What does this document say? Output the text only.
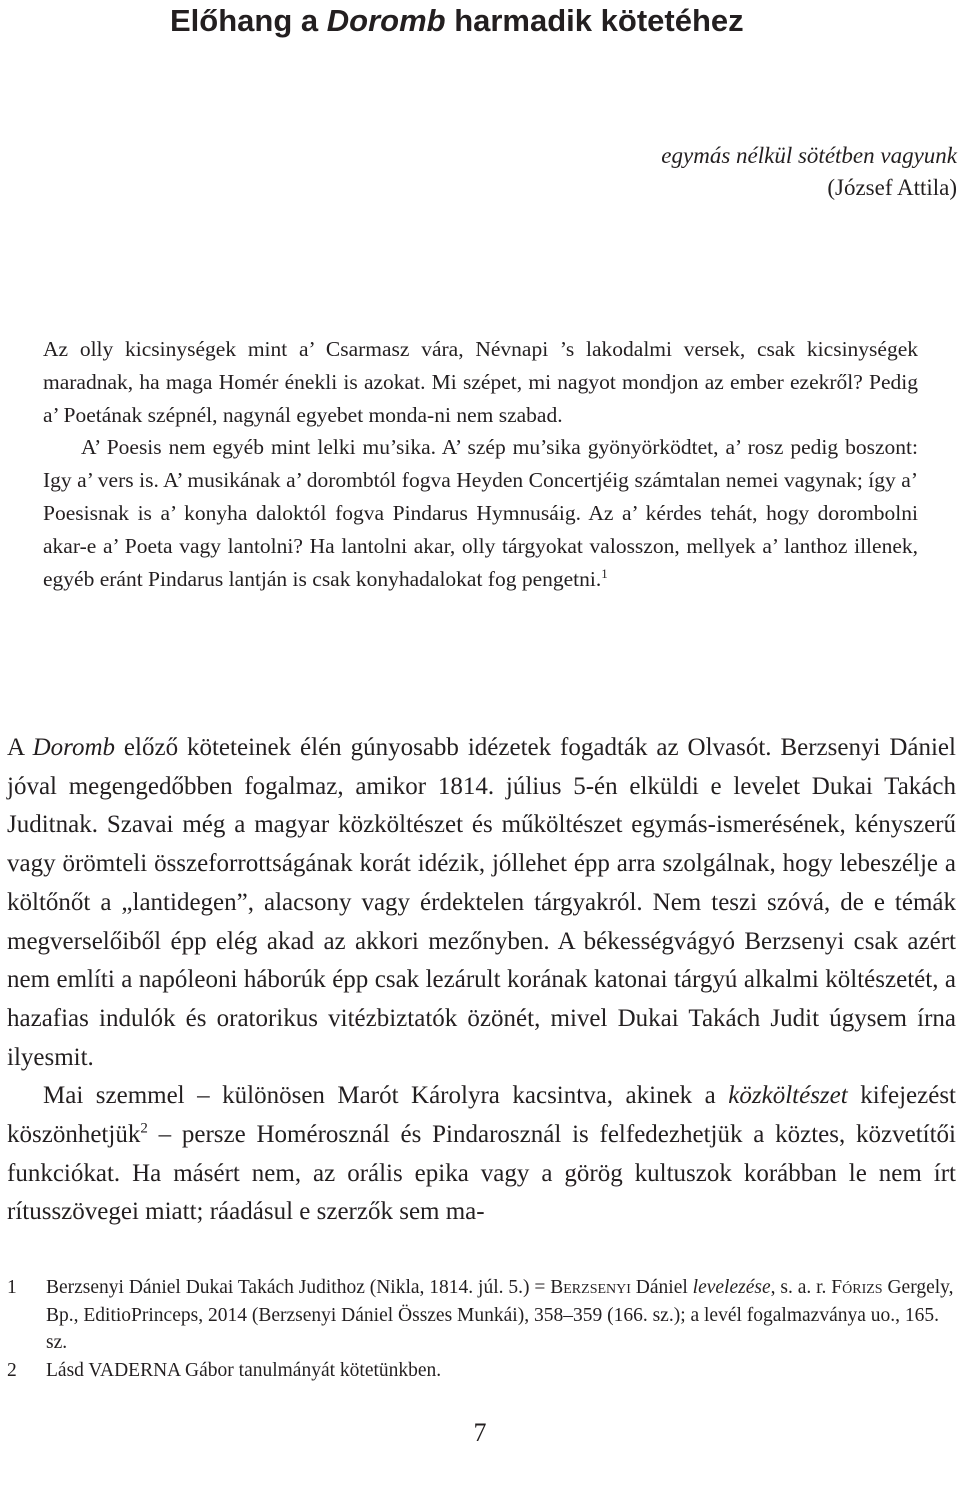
Előhang a Doromb harmadik kötetéhez
egymás nélkül sötétben vagyunk
(József Attila)
Az olly kicsinységek mint a’ Csarmasz vára, Névnapi ’s lakodalmi versek, csak kicsinységek maradnak, ha maga Homér énekli is azokat. Mi szépet, mi nagyot mondjon az ember ezekről? Pedig a’ Poetának szépnél, nagynál egyebet monda-ni nem szabad.
A’ Poesis nem egyéb mint lelki mu’sika. A’ szép mu’sika gyönyörködtet, a’ rosz pedig boszont: Igy a’ vers is. A’ musikának a’ dorombtól fogva Heyden Concertjéig számtalan nemei vagynak; így a’ Poesisnak is a’ konyha daloktól fogva Pindarus Hymnusáig. Az a’ kérdes tehát, hogy dorombolni akar-e a’ Poeta vagy lantolni? Ha lantolni akar, olly tárgyokat valosszon, mellyek a’ lanthoz illenek, egyéb eránt Pindarus lantján is csak konyhadalokat fog pengetni.$^1$

A Doromb előző köteteinek élén gúnyosabb idézetek fogadták az Olvasót. Berzsenyi Dániel jóval megengedőbben fogalmaz, amikor 1814. július 5-én elküldi e levelet Dukai Takách Juditnak. Szavai még a magyar közköltészet és műköltészet egymás-ismerésének, kényszerű vagy örömteli összeforrottságának korát idézik, jóllehet épp arra szolgálnak, hogy lebeszélje a költőnőt a „lantidegen”, alacsony vagy érdektelen tárgyakról. Nem teszi szóvá, de e témák megverselőiből épp elég akad az akkori mezőnyben. A békességvágyó Berzsenyi csak azért nem említi a napóleoni háborúk épp csak lezárult korának katonai tárgyú alkalmi költészetét, a hazafias indulók és oratorikus vitézbiztatók özönét, mivel Dukai Takách Judit úgysem írna ilyesmit.

Mai szemmel – különösen Marót Károlyra kacsintva, akinek a közköltészet kifejezést köszönhetjük$^2$ – persze Homérosznál és Pindarosznál is felfedezhetjük a köztes, közvetítői funkciókat. Ha másért nem, az orális epika vagy a görög kultuszok korábban le nem írt rítusszövegei miatt; ráadásul e szerzők sem ma-

1	Berzsenyi Dániel Dukai Takách Judithoz (Nikla, 1814. júl. 5.) = Berzsenyi Dániel levelezése, s. a. r. Fórizs Gergely, Bp., EditioPrinceps, 2014 (Berzsenyi Dániel Összes Munkái), 358–359 (166. sz.); a levél fogalmazványa uo., 165. sz.
2	Lásd VADERNA Gábor tanulmányát kötetünkben.
7
